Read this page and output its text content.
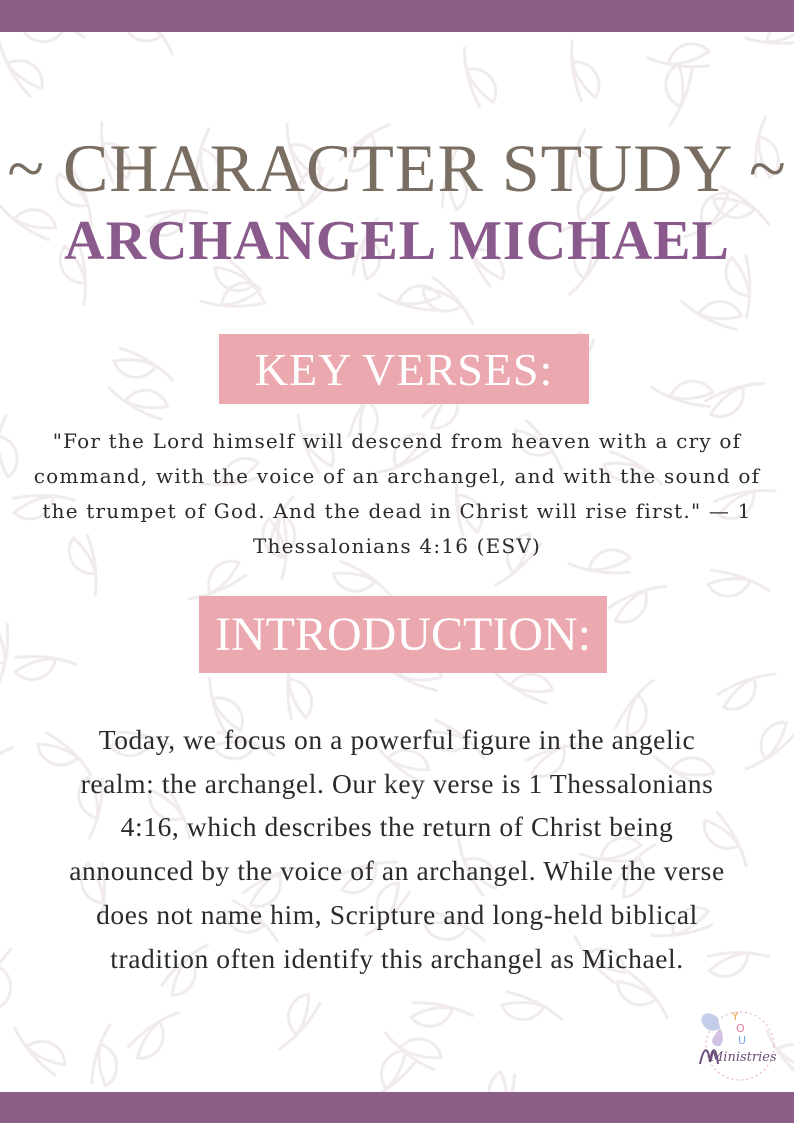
~ CHARACTER STUDY ~
ARCHANGEL MICHAEL
KEY VERSES:
"For the Lord himself will descend from heaven with a cry of command, with the voice of an archangel, and with the sound of the trumpet of God. And the dead in Christ will rise first." — 1 Thessalonians 4:16 (ESV)
INTRODUCTION:
Today, we focus on a powerful figure in the angelic realm: the archangel. Our key verse is 1 Thessalonians 4:16, which describes the return of Christ being announced by the voice of an archangel. While the verse does not name him, Scripture and long-held biblical tradition often identify this archangel as Michael.
Y
O
U
Ministries
